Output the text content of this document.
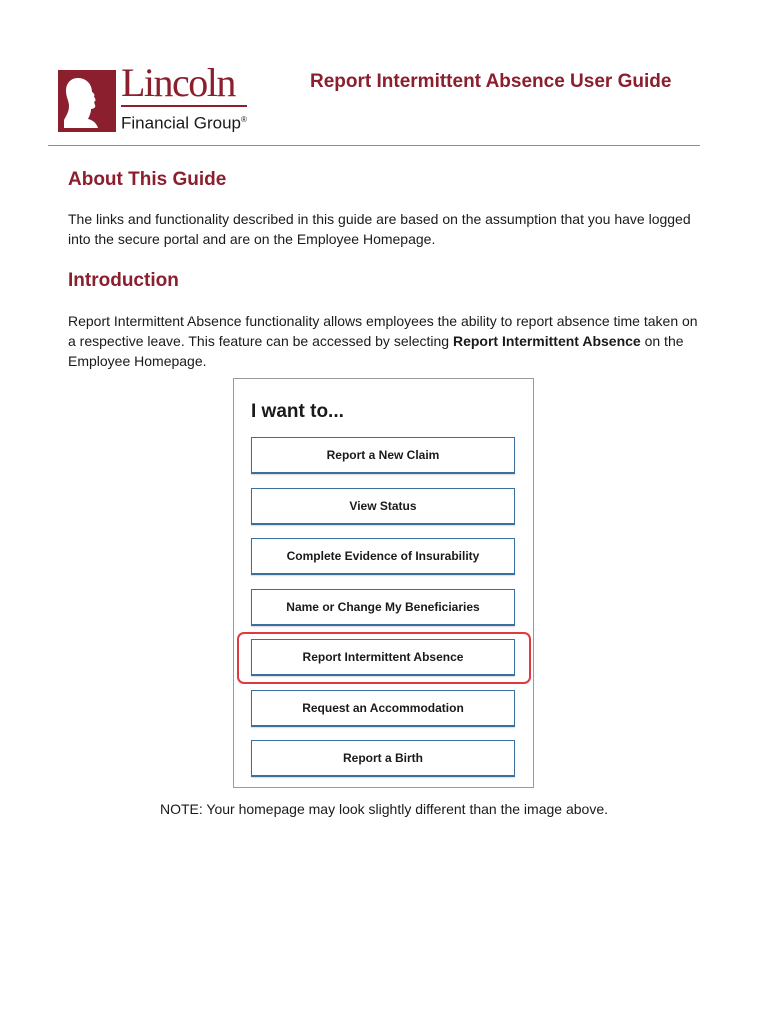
Lincoln
Financial Group®
Report Intermittent Absence User Guide
About This Guide
The links and functionality described in this guide are based on the assumption that you have logged into the secure portal and are on the Employee Homepage.
Introduction
Report Intermittent Absence functionality allows employees the ability to report absence time taken on a respective leave. This feature can be accessed by selecting Report Intermittent Absence on the Employee Homepage.
I want to...
Report a New Claim
View Status
Complete Evidence of Insurability
Name or Change My Beneficiaries
Report Intermittent Absence
Request an Accommodation
Report a Birth
NOTE: Your homepage may look slightly different than the image above.
